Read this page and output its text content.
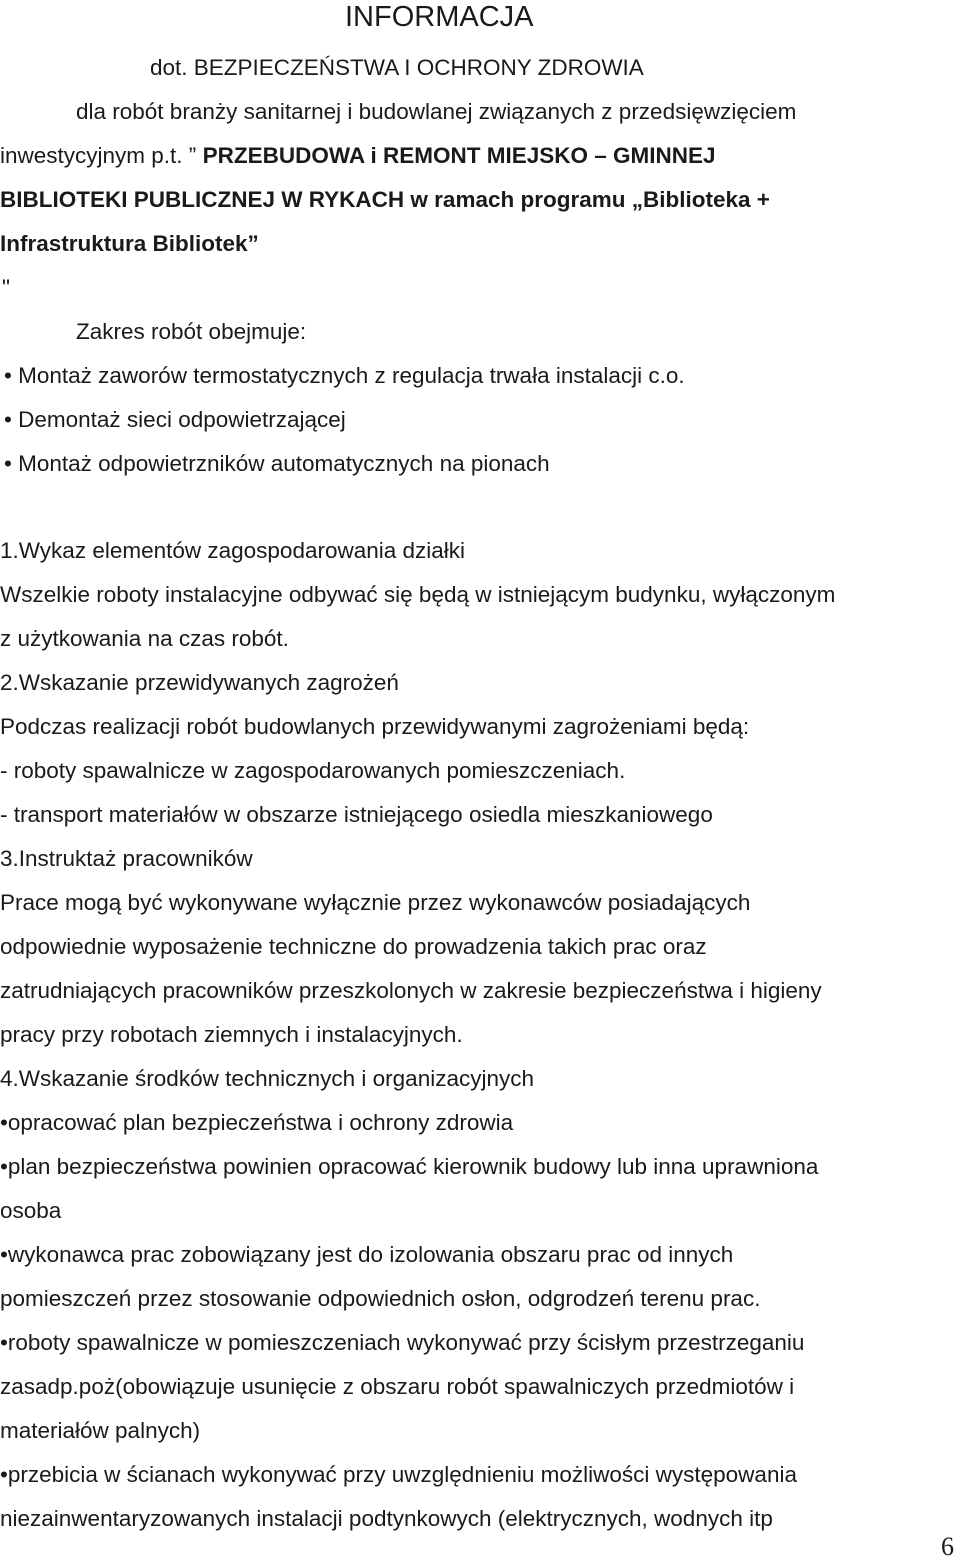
INFORMACJA
dot. BEZPIECZEŃSTWA I OCHRONY ZDROWIA
dla robót branży sanitarnej i budowlanej związanych z przedsięwzięciem
inwestycyjnym p.t. ” PRZEBUDOWA i REMONT MIEJSKO – GMINNEJ
BIBLIOTEKI PUBLICZNEJ W RYKACH w ramach programu „Biblioteka +
Infrastruktura Bibliotek”
"
Zakres robót obejmuje:
• Montaż zaworów termostatycznych z regulacja trwała instalacji c.o.
• Demontaż sieci odpowietrzającej
• Montaż odpowietrzników automatycznych na pionach
1.Wykaz elementów zagospodarowania działki
Wszelkie roboty instalacyjne odbywać się będą w istniejącym budynku, wyłączonym
z użytkowania na czas robót.
2.Wskazanie przewidywanych zagrożeń
Podczas realizacji robót budowlanych przewidywanymi zagrożeniami będą:
- roboty spawalnicze w zagospodarowanych pomieszczeniach.
- transport materiałów w obszarze istniejącego osiedla mieszkaniowego
3.Instruktaż pracowników
Prace mogą być wykonywane wyłącznie przez wykonawców posiadających
odpowiednie wyposażenie techniczne do prowadzenia takich prac oraz
zatrudniających pracowników przeszkolonych w zakresie bezpieczeństwa i higieny
pracy przy robotach ziemnych i instalacyjnych.
4.Wskazanie środków technicznych i organizacyjnych
•opracować plan bezpieczeństwa i ochrony zdrowia
•plan bezpieczeństwa powinien opracować kierownik budowy lub inna uprawniona
osoba
•wykonawca prac zobowiązany jest do izolowania obszaru prac od innych
pomieszczeń przez stosowanie odpowiednich osłon, odgrodzeń terenu prac.
•roboty spawalnicze w pomieszczeniach wykonywać przy ścisłym przestrzeganiu
zasadp.poż(obowiązuje usunięcie z obszaru robót spawalniczych przedmiotów i
materiałów palnych)
•przebicia w ścianach wykonywać przy uwzględnieniu możliwości występowania
niezainwentaryzowanych instalacji podtynkowych (elektrycznych, wodnych itp
6
